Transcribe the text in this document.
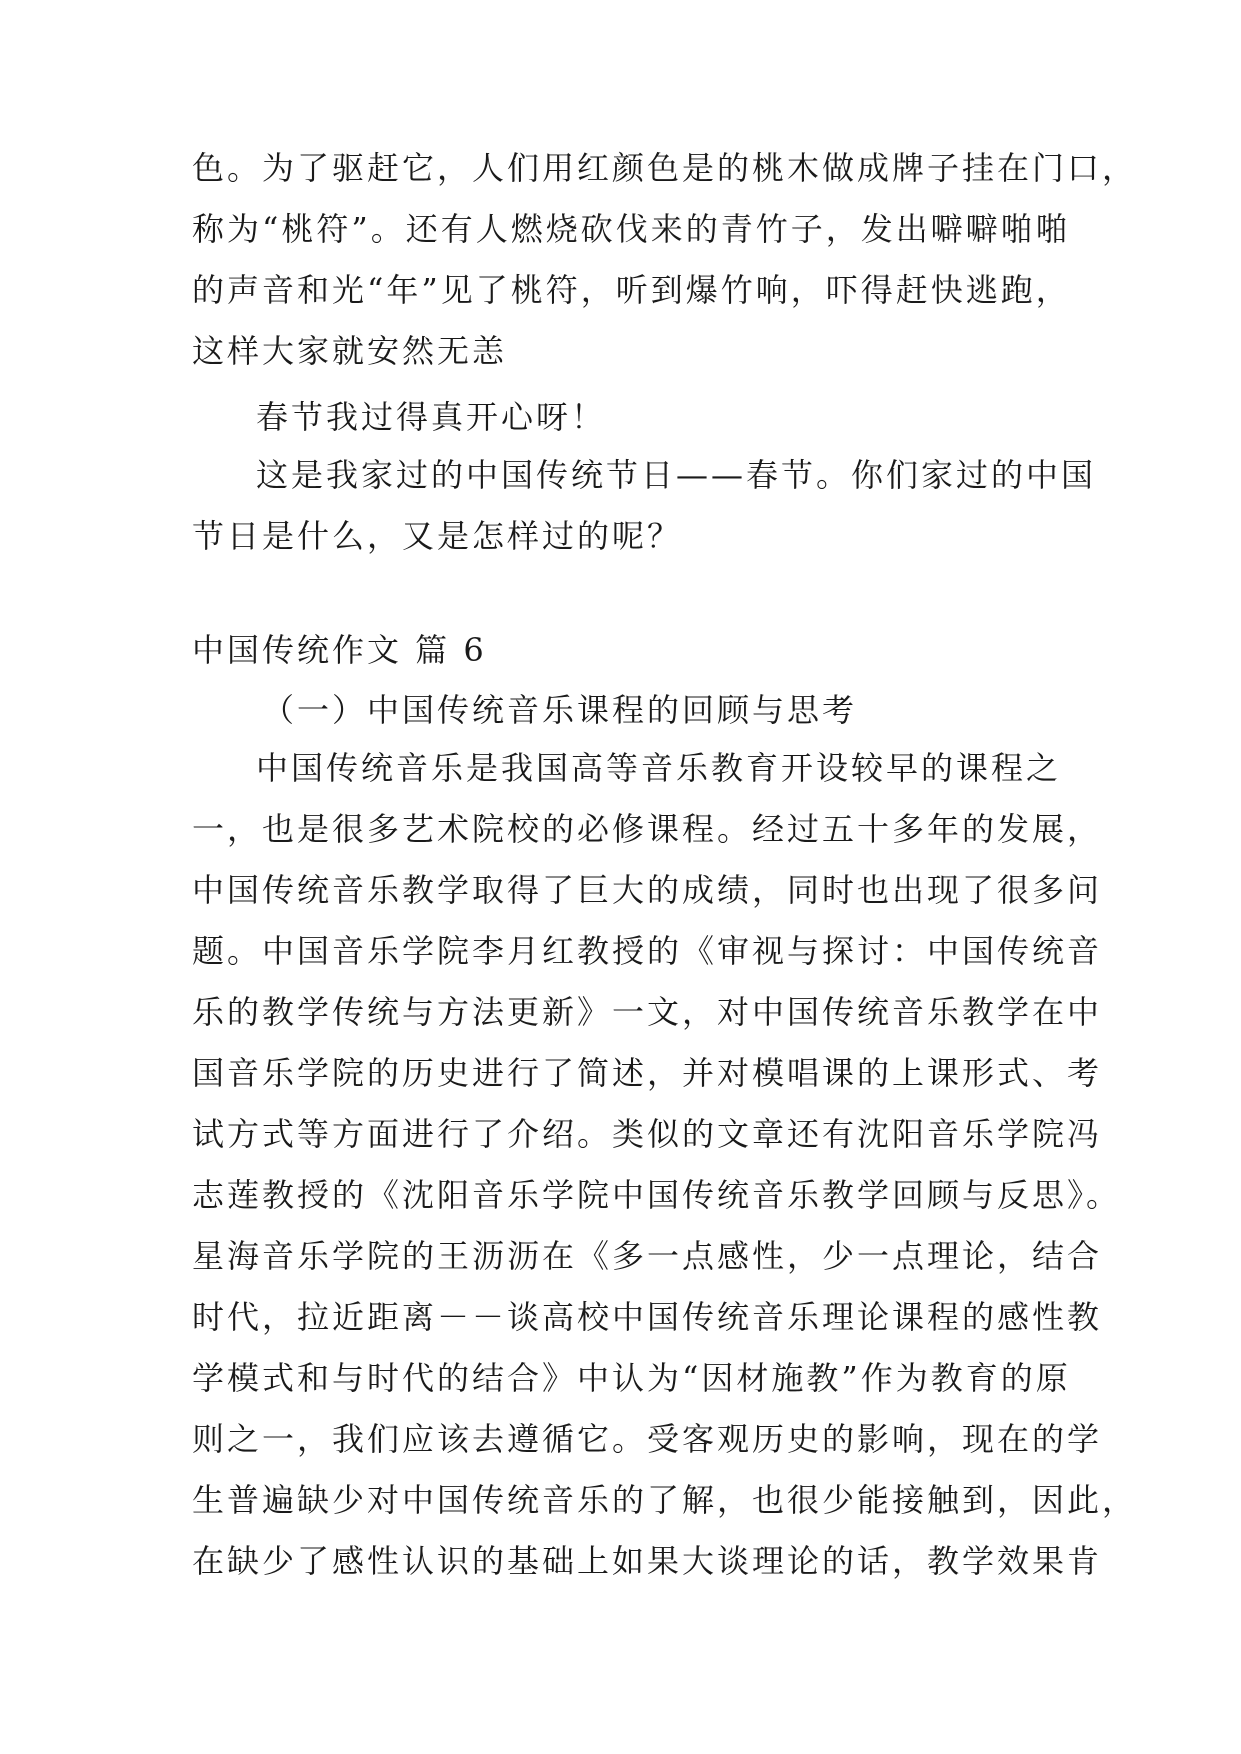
色。为了驱赶它，人们用红颜色是的桃木做成牌子挂在门口，
称为“桃符”。还有人燃烧砍伐来的青竹子，发出噼噼啪啪
的声音和光“年”见了桃符，听到爆竹响，吓得赶快逃跑，
这样大家就安然无恙
春节我过得真开心呀！
这是我家过的中国传统节日——春节。你们家过的中国
节日是什么，又是怎样过的呢？
中国传统作文 篇 6
（一）中国传统音乐课程的回顾与思考
中国传统音乐是我国高等音乐教育开设较早的课程之
一，也是很多艺术院校的必修课程。经过五十多年的发展，
中国传统音乐教学取得了巨大的成绩，同时也出现了很多问
题。中国音乐学院李月红教授的《审视与探讨：中国传统音
乐的教学传统与方法更新》一文，对中国传统音乐教学在中
国音乐学院的历史进行了简述，并对模唱课的上课形式、考
试方式等方面进行了介绍。类似的文章还有沈阳音乐学院冯
志莲教授的《沈阳音乐学院中国传统音乐教学回顾与反思》。
星海音乐学院的王沥沥在《多一点感性，少一点理论，结合
时代，拉近距离－－谈高校中国传统音乐理论课程的感性教
学模式和与时代的结合》中认为“因材施教”作为教育的原
则之一，我们应该去遵循它。受客观历史的影响，现在的学
生普遍缺少对中国传统音乐的了解，也很少能接触到，因此，
在缺少了感性认识的基础上如果大谈理论的话，教学效果肯
